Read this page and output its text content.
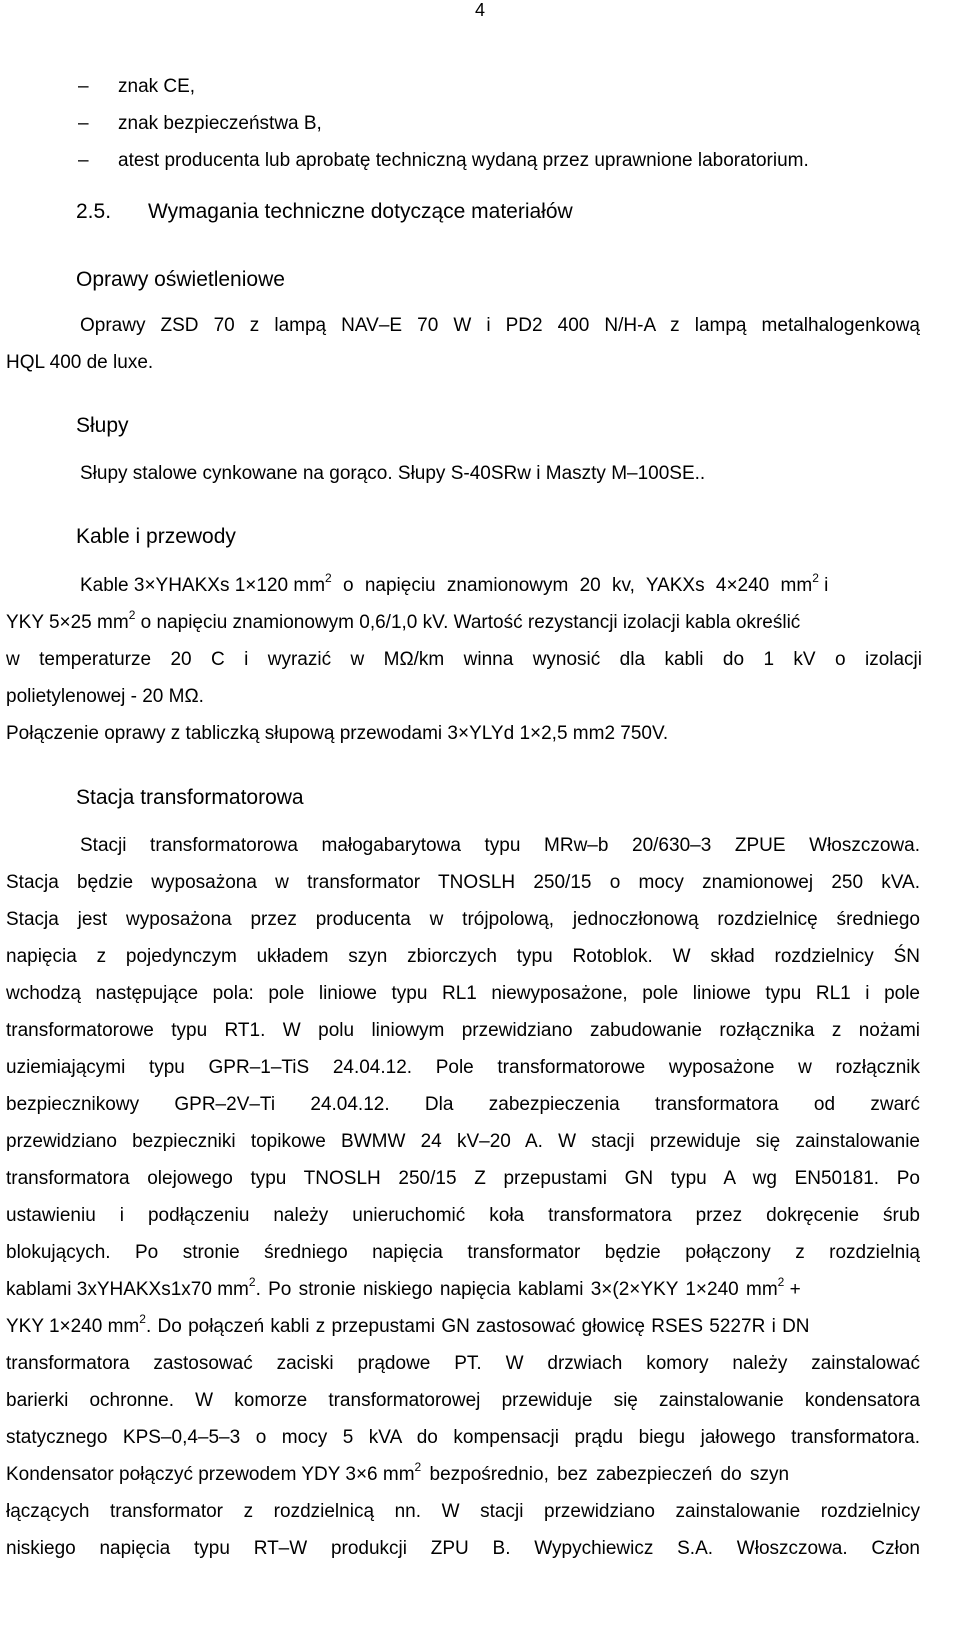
4
– znak CE,
– znak bezpieczeństwa B,
– atest producenta lub aprobatę techniczną wydaną przez uprawnione laboratorium.
2.5. Wymagania techniczne dotyczące materiałów
Oprawy oświetleniowe
Oprawy ZSD 70 z lampą NAV–E 70 W i PD2 400 N/H-A z lampą metalhalogenkową
HQL 400 de luxe.
Słupy
Słupy stalowe cynkowane na gorąco. Słupy S-40SRw i Maszty M–100SE..
Kable i przewody
Kable 3×YHAKXs 1×120 $mm^2$ o napięciu znamionowym 20 kv, YAKXs 4×240 $mm^2$ i
YKY 5×25 $mm^2$ o napięciu znamionowym 0,6/1,0 kV. Wartość rezystancji izolacji kabla określić
w temperaturze 20 C i wyrazić w MΩ/km winna wynosić dla kabli do 1 kV o izolacji
polietylenowej - 20 MΩ.
Połączenie oprawy z tabliczką słupową przewodami 3×YLYd 1×2,5 mm2 750V.
Stacja transformatorowa
Stacji transformatorowa małogabarytowa typu MRw–b 20/630–3 ZPUE Włoszczowa.
Stacja będzie wyposażona w transformator TNOSLH 250/15 o mocy znamionowej 250 kVA.
Stacja jest wyposażona przez producenta w trójpolową, jednoczłonową rozdzielnicę średniego
napięcia z pojedynczym układem szyn zbiorczych typu Rotoblok. W skład rozdzielnicy ŚN
wchodzą następujące pola: pole liniowe typu RL1 niewyposażone, pole liniowe typu RL1 i pole
transformatorowe typu RT1. W polu liniowym przewidziano zabudowanie rozłącznika z nożami
uziemiającymi typu GPR–1–TiS 24.04.12. Pole transformatorowe wyposażone w rozłącznik
bezpiecznikowy GPR–2V–Ti 24.04.12. Dla zabezpieczenia transformatora od zwarć
przewidziano bezpieczniki topikowe BWMW 24 kV–20 A. W stacji przewiduje się zainstalowanie
transformatora olejowego typu TNOSLH 250/15 Z przepustami GN typu A wg EN50181. Po
ustawieniu i podłączeniu należy unieruchomić koła transformatora przez dokręcenie śrub
blokujących. Po stronie średniego napięcia transformator będzie połączony z rozdzielnią
kablami 3xYHAKXs1x70 $mm^2$. Po stronie niskiego napięcia kablami 3×(2×YKY 1×240 $mm^2$ +
YKY 1×240 $mm^2$. Do połączeń kabli z przepustami GN zastosować głowicę RSES 5227R i DN
transformatora zastosować zaciski prądowe PT. W drzwiach komory należy zainstalować
barierki ochronne. W komorze transformatorowej przewiduje się zainstalowanie kondensatora
statycznego KPS–0,4–5–3 o mocy 5 kVA do kompensacji prądu biegu jałowego transformatora.
Kondensator połączyć przewodem YDY 3×6 $mm^2$ bezpośrednio, bez zabezpieczeń do szyn
łączących transformator z rozdzielnicą nn. W stacji przewidziano zainstalowanie rozdzielnicy
niskiego napięcia typu RT–W produkcji ZPU B. Wypychiewicz S.A. Włoszczowa. Człon
